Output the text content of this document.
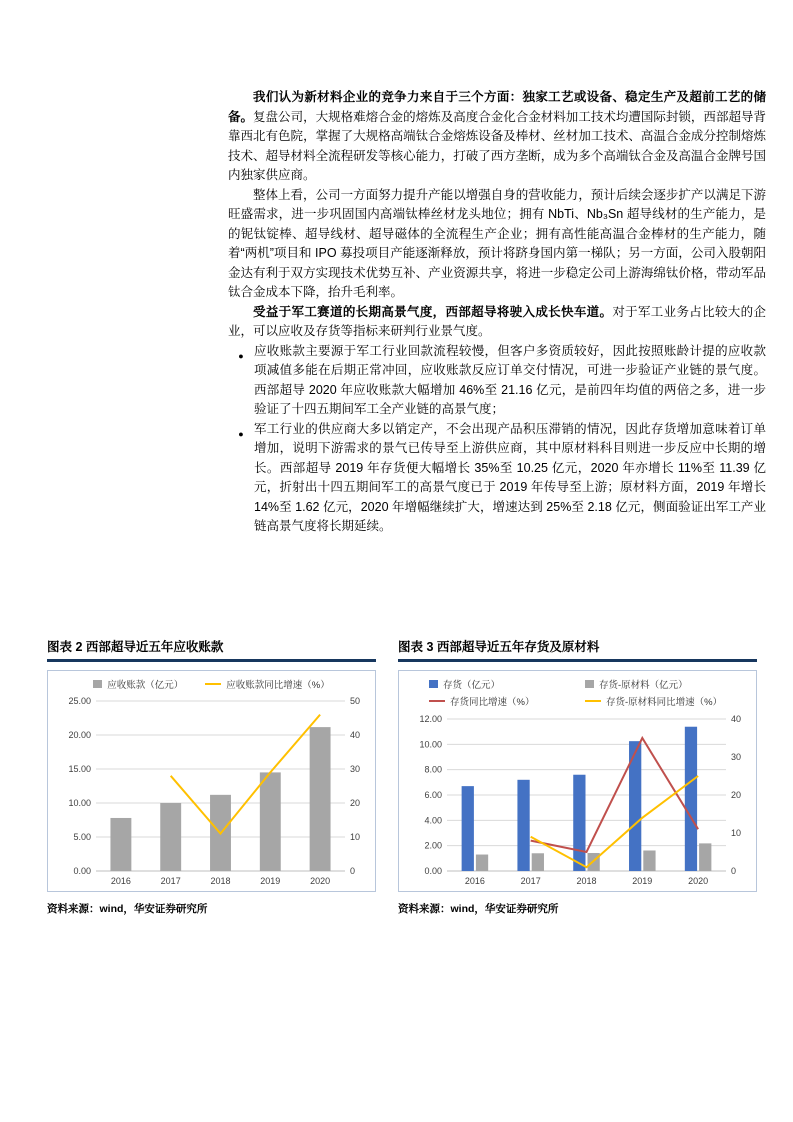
我们认为新材料企业的竞争力来自于三个方面：独家工艺或设备、稳定生产及超前工艺的储备。复盘公司，大规格难熔合金的熔炼及高度合金化合金材料加工技术均遭国际封锁，西部超导背靠西北有色院，掌握了大规格高端钛合金熔炼设备及棒材、丝材加工技术、高温合金成分控制熔炼技术、超导材料全流程研发等核心能力，打破了西方垄断，成为多个高端钛合金及高温合金牌号国内独家供应商。

整体上看，公司一方面努力提升产能以增强自身的营收能力，预计后续会逐步扩产以满足下游旺盛需求，进一步巩固国内高端钛棒丝材龙头地位；拥有 NbTi、Nb₃Sn 超导线材的生产能力，是的铌钛锭棒、超导线材、超导磁体的全流程生产企业；拥有高性能高温合金棒材的生产能力，随着“两机”项目和 IPO 募投项目产能逐渐释放，预计将跻身国内第一梯队；另一方面，公司入股朝阳金达有利于双方实现技术优势互补、产业资源共享，将进一步稳定公司上游海绵钛价格，带动军品钛合金成本下降，抬升毛利率。

受益于军工赛道的长期高景气度，西部超导将驶入成长快车道。对于军工业务占比较大的企业，可以应收及存货等指标来研判行业景气度。

● 应收账款主要源于军工行业回款流程较慢，但客户多资质较好，因此按照账龄计提的应收款项减值多能在后期正常冲回，应收账款反应订单交付情况，可进一步验证产业链的景气度。西部超导 2020 年应收账款大幅增加 46%至 21.16 亿元，是前四年均值的两倍之多，进一步验证了十四五期间军工全产业链的高景气度；
● 军工行业的供应商大多以销定产，不会出现产品积压滞销的情况，因此存货增加意味着订单增加，说明下游需求的景气已传导至上游供应商，其中原材料科目则进一步反应中长期的增长。西部超导 2019 年存货便大幅增长 35%至 10.25 亿元，2020 年亦增长 11%至 11.39 亿元，折射出十四五期间军工的高景气度已于 2019 年传导至上游；原材料方面，2019 年增长 14%至 1.62 亿元，2020 年增幅继续扩大，增速达到 25%至 2.18 亿元，侧面验证出军工产业链高景气度将长期延续。
图表 2 西部超导近五年应收账款
应收账款（亿元）	应收账款同比增速（%）
0.00
5.00
10.00
15.00
20.00
25.00
0
10
20
30
40
50
2016	2017	2018	2019	2020
资料来源：wind，华安证券研究所
图表 3 西部超导近五年存货及原材料
存货（亿元）	存货-原材料（亿元）
存货同比增速（%）	存货-原材料同比增速（%）
0.00
2.00
4.00
6.00
8.00
10.00
12.00
0
10
20
30
40
2016	2017	2018	2019	2020
资料来源：wind，华安证券研究所
